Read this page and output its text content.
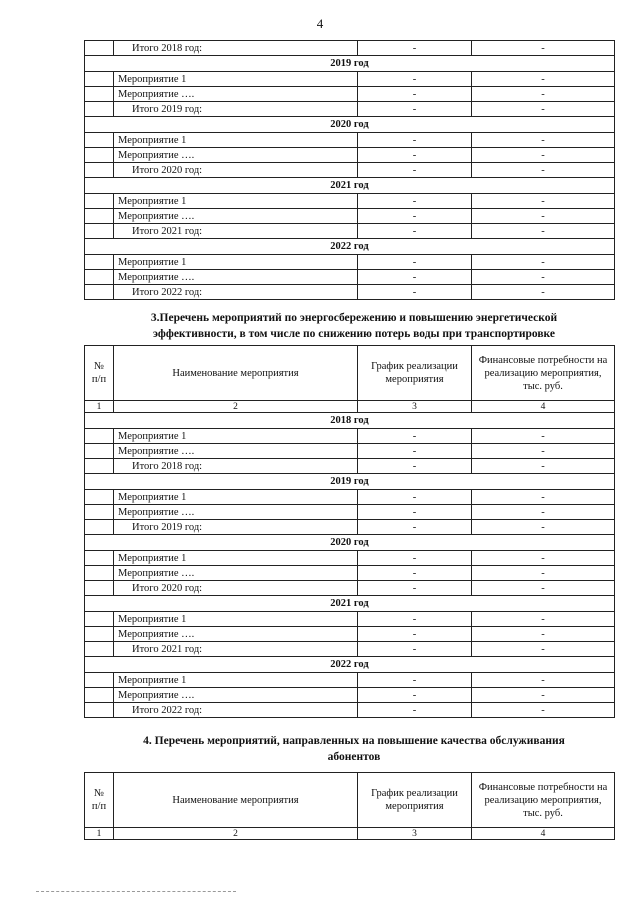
4
	Итого 2018 год:	-	-
2019 год			
	Мероприятие 1	-	-
	Мероприятие ….	-	-
	Итого 2019 год:	-	-
2020 год			
	Мероприятие 1	-	-
	Мероприятие ….	-	-
	Итого 2020 год:	-	-
2021 год			
	Мероприятие 1	-	-
	Мероприятие ….	-	-
	Итого 2021 год:	-	-
2022 год			
	Мероприятие 1	-	-
	Мероприятие ….	-	-
	Итого 2022 год:	-	-
3.Перечень мероприятий по энергосбережению и повышению энергетической
эффективности, в том числе по снижению потерь воды при транспортировке
№ п/п	Наименование мероприятия	График реализации мероприятия	Финансовые потребности на реализацию мероприятия, тыс. руб.
1	2	3	4
2018 год			
	Мероприятие 1	-	-
	Мероприятие ….	-	-
	Итого 2018 год:	-	-
2019 год			
	Мероприятие 1	-	-
	Мероприятие ….	-	-
	Итого 2019 год:	-	-
2020 год			
	Мероприятие 1	-	-
	Мероприятие ….	-	-
	Итого 2020 год:	-	-
2021 год			
	Мероприятие 1	-	-
	Мероприятие ….	-	-
	Итого 2021 год:	-	-
2022 год			
	Мероприятие 1	-	-
	Мероприятие ….	-	-
	Итого 2022 год:	-	-
4. Перечень мероприятий, направленных на повышение качества обслуживания
абонентов
№ п/п	Наименование мероприятия	График реализации мероприятия	Финансовые потребности на реализацию мероприятия, тыс. руб.
1	2	3	4
